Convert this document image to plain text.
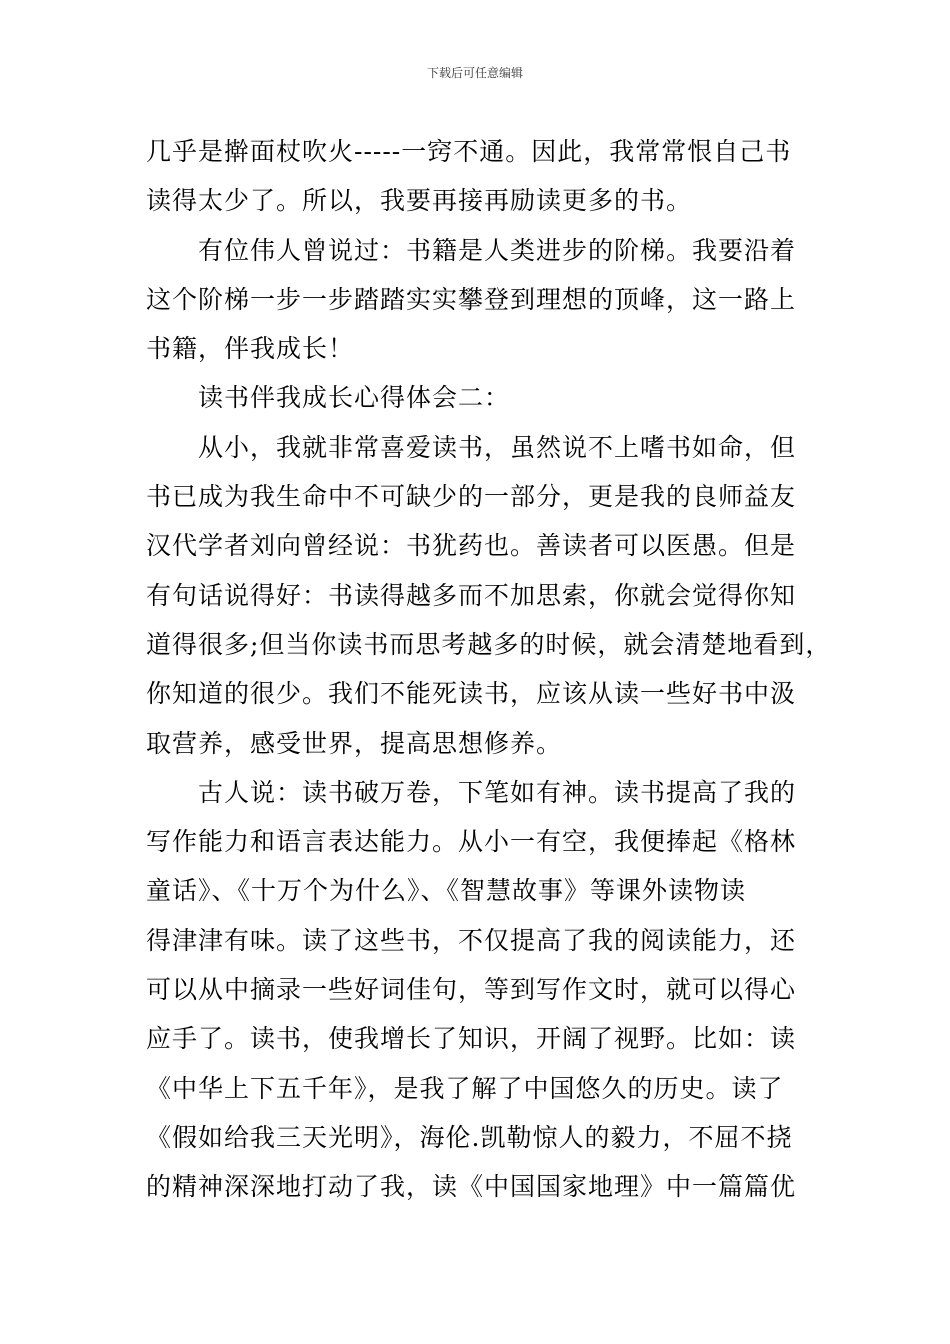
下载后可任意编辑
几乎是擀面杖吹火-----一窍不通。因此，我常常恨自己书
读得太少了。所以，我要再接再励读更多的书。
有位伟人曾说过：书籍是人类进步的阶梯。我要沿着
这个阶梯一步一步踏踏实实攀登到理想的顶峰，这一路上
书籍，伴我成长！
读书伴我成长心得体会二：
从小，我就非常喜爱读书，虽然说不上嗜书如命，但
书已成为我生命中不可缺少的一部分，更是我的良师益友
汉代学者刘向曾经说：书犹药也。善读者可以医愚。但是
有句话说得好：书读得越多而不加思索，你就会觉得你知
道得很多;但当你读书而思考越多的时候，就会清楚地看到，
你知道的很少。我们不能死读书，应该从读一些好书中汲
取营养，感受世界，提高思想修养。
古人说：读书破万卷，下笔如有神。读书提高了我的
写作能力和语言表达能力。从小一有空，我便捧起《格林
童话》、《十万个为什么》、《智慧故事》等课外读物读
得津津有味。读了这些书，不仅提高了我的阅读能力，还
可以从中摘录一些好词佳句，等到写作文时，就可以得心
应手了。读书，使我增长了知识，开阔了视野。比如：读
《中华上下五千年》，是我了解了中国悠久的历史。读了
《假如给我三天光明》，海伦.凯勒惊人的毅力，不屈不挠
的精神深深地打动了我，读《中国国家地理》中一篇篇优
